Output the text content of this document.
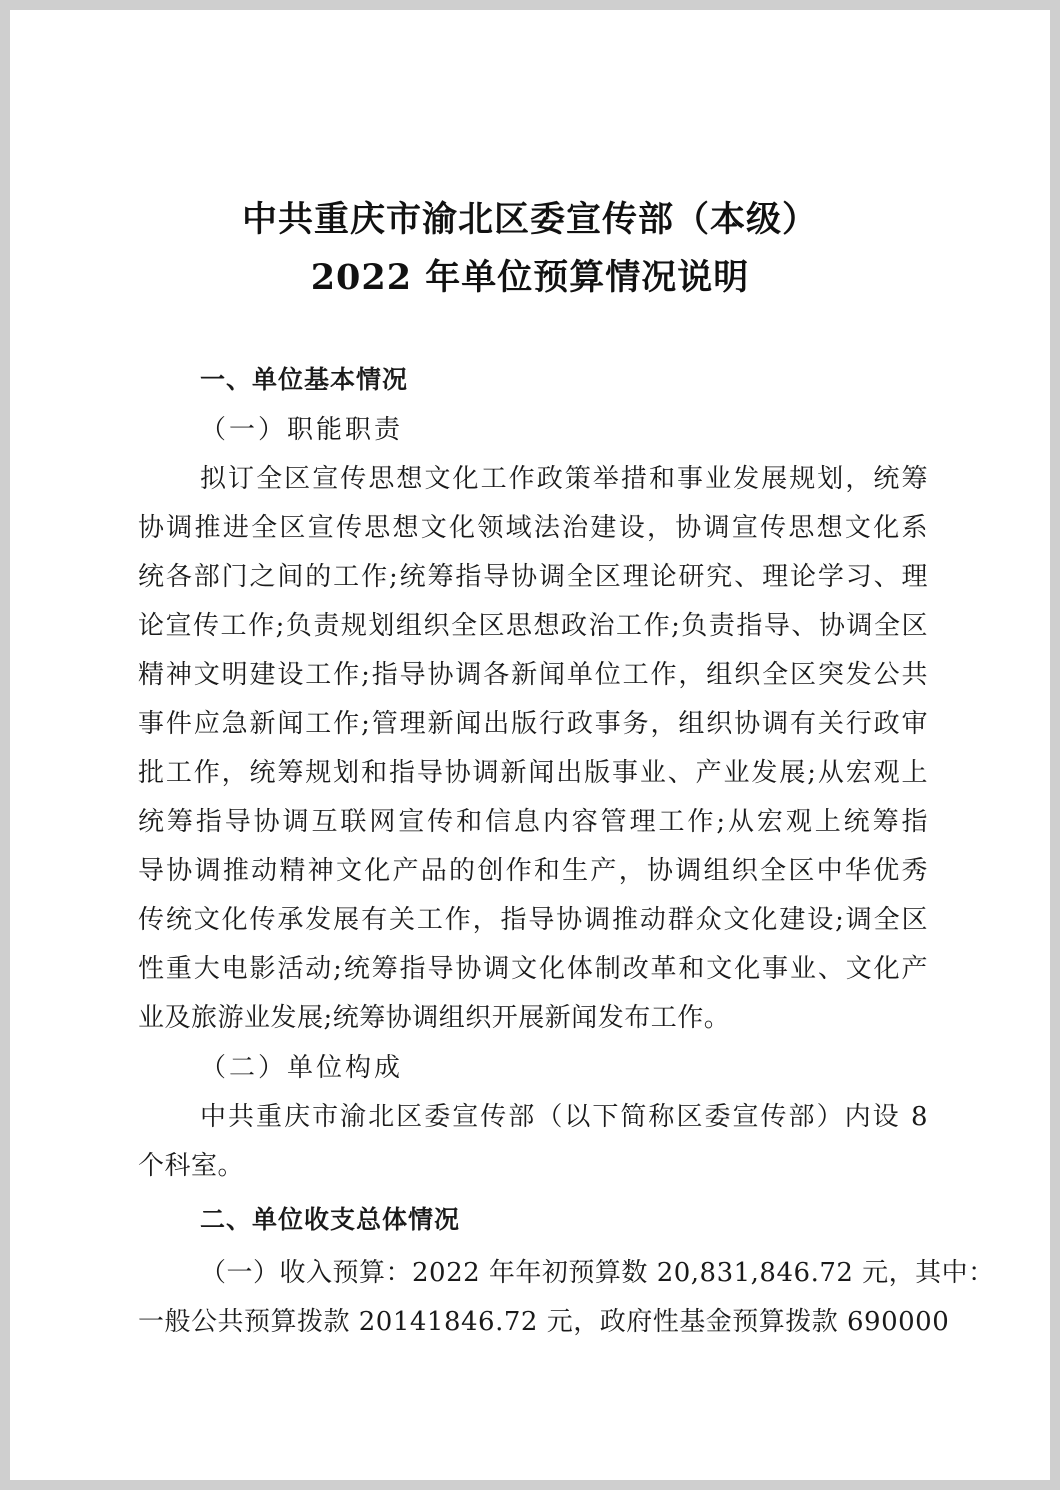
中共重庆市渝北区委宣传部（本级）
2022 年单位预算情况说明
一、单位基本情况
（一）职能职责
拟订全区宣传思想文化工作政策举措和事业发展规划，统筹
协调推进全区宣传思想文化领域法治建设，协调宣传思想文化系
统各部门之间的工作;统筹指导协调全区理论研究、理论学习、理
论宣传工作;负责规划组织全区思想政治工作;负责指导、协调全区
精神文明建设工作;指导协调各新闻单位工作，组织全区突发公共
事件应急新闻工作;管理新闻出版行政事务，组织协调有关行政审
批工作，统筹规划和指导协调新闻出版事业、产业发展;从宏观上
统筹指导协调互联网宣传和信息内容管理工作;从宏观上统筹指
导协调推动精神文化产品的创作和生产，协调组织全区中华优秀
传统文化传承发展有关工作，指导协调推动群众文化建设;调全区
性重大电影活动;统筹指导协调文化体制改革和文化事业、文化产
业及旅游业发展;统筹协调组织开展新闻发布工作。
（二）单位构成
中共重庆市渝北区委宣传部（以下简称区委宣传部）内设 8
个科室。
二、单位收支总体情况
（一）收入预算：2022 年年初预算数 20,831,846.72 元，其中：
一般公共预算拨款 20141846.72 元，政府性基金预算拨款 690000
